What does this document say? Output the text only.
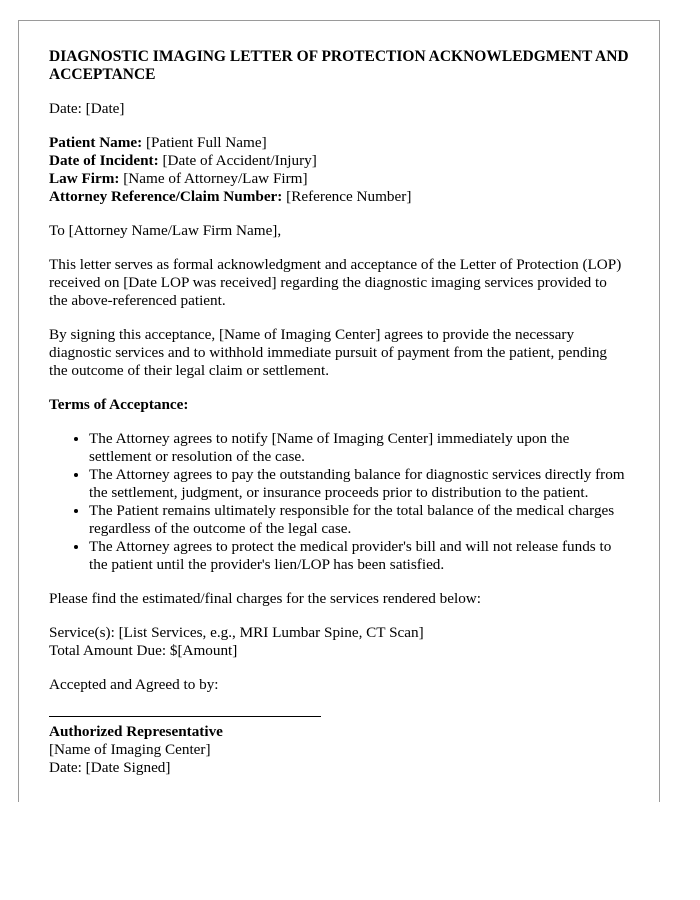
DIAGNOSTIC IMAGING LETTER OF PROTECTION ACKNOWLEDGMENT AND ACCEPTANCE

Date: [Date]

Patient Name: [Patient Full Name]

Date of Incident: [Date of Accident/Injury]

Law Firm: [Name of Attorney/Law Firm]

Attorney Reference/Claim Number: [Reference Number]

To [Attorney Name/Law Firm Name],

This letter serves as formal acknowledgment and acceptance of the Letter of Protection (LOP) received on [Date LOP was received] regarding the diagnostic imaging services provided to the above-referenced patient.

By signing this acceptance, [Name of Imaging Center] agrees to provide the necessary diagnostic services and to withhold immediate pursuit of payment from the patient, pending the outcome of their legal claim or settlement.

Terms of Acceptance:

• The Attorney agrees to notify [Name of Imaging Center] immediately upon the settlement or resolution of the case.
• The Attorney agrees to pay the outstanding balance for diagnostic services directly from the settlement, judgment, or insurance proceeds prior to distribution to the patient.
• The Patient remains ultimately responsible for the total balance of the medical charges regardless of the outcome of the legal case.
• The Attorney agrees to protect the medical provider's bill and will not release funds to the patient until the provider's lien/LOP has been satisfied.

Please find the estimated/final charges for the services rendered below:

Service(s): [List Services, e.g., MRI Lumbar Spine, CT Scan]

Total Amount Due: $[Amount]

Accepted and Agreed to by:

Authorized Representative

[Name of Imaging Center]

Date: [Date Signed]
